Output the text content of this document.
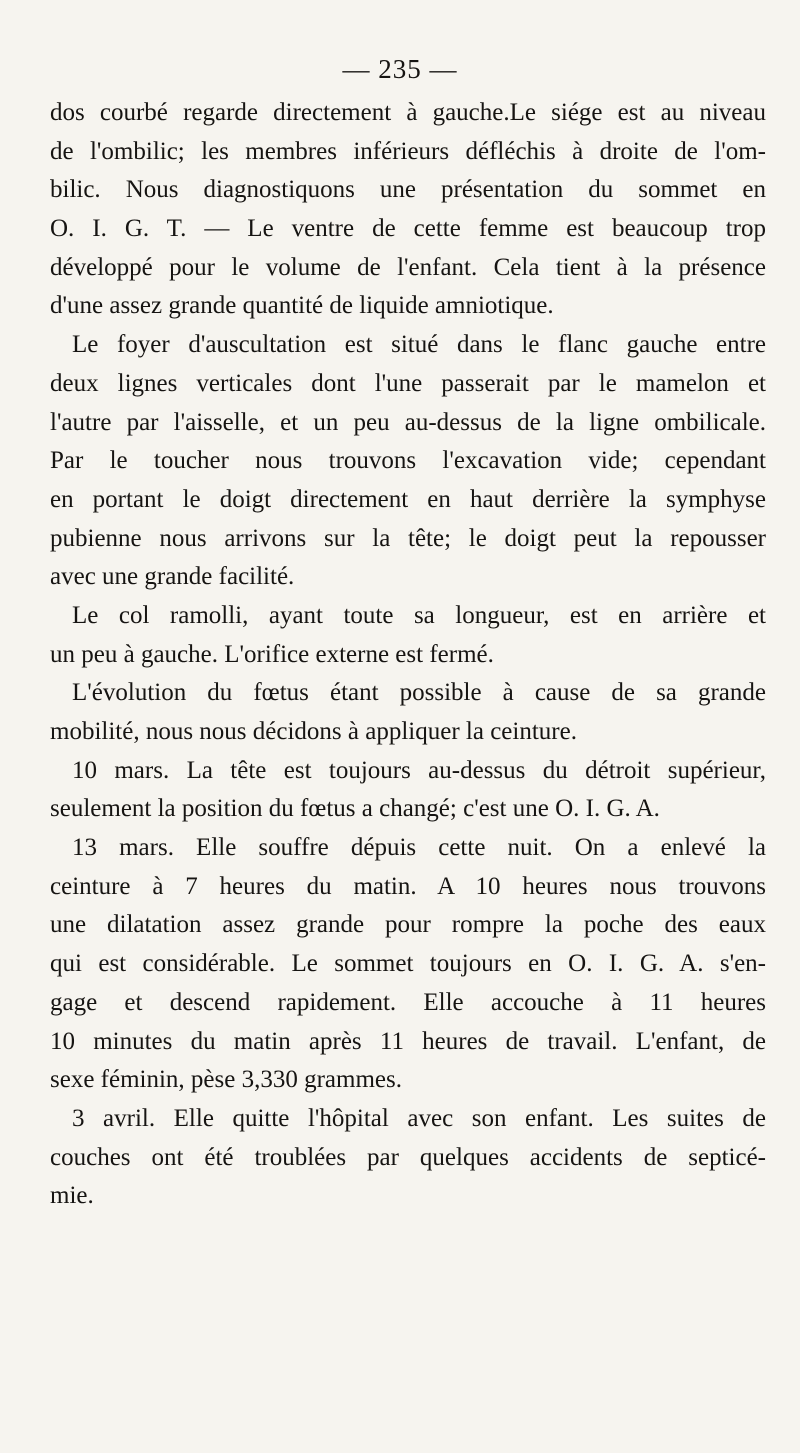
— 235 —
dos courbé regarde directement à gauche.Le siége est au niveau
de l'ombilic; les membres inférieurs défléchis à droite de l'om-
bilic. Nous diagnostiquons une présentation du sommet en
O. I. G. T. — Le ventre de cette femme est beaucoup trop
développé pour le volume de l'enfant. Cela tient à la présence
d'une assez grande quantité de liquide amniotique.
Le foyer d'auscultation est situé dans le flanc gauche entre
deux lignes verticales dont l'une passerait par le mamelon et
l'autre par l'aisselle, et un peu au-dessus de la ligne ombilicale.
Par le toucher nous trouvons l'excavation vide; cependant
en portant le doigt directement en haut derrière la symphyse
pubienne nous arrivons sur la tête; le doigt peut la repousser
avec une grande facilité.
Le col ramolli, ayant toute sa longueur, est en arrière et
un peu à gauche. L'orifice externe est fermé.
L'évolution du fœtus étant possible à cause de sa grande
mobilité, nous nous décidons à appliquer la ceinture.
10 mars. La tête est toujours au-dessus du détroit supérieur,
seulement la position du fœtus a changé; c'est une O. I. G. A.
13 mars. Elle souffre dépuis cette nuit. On a enlevé la
ceinture à 7 heures du matin. A 10 heures nous trouvons
une dilatation assez grande pour rompre la poche des eaux
qui est considérable. Le sommet toujours en O. I. G. A. s'en-
gage et descend rapidement. Elle accouche à 11 heures
10 minutes du matin après 11 heures de travail. L'enfant, de
sexe féminin, pèse 3,330 grammes.
3 avril. Elle quitte l'hôpital avec son enfant. Les suites de
couches ont été troublées par quelques accidents de septicé-
mie.
